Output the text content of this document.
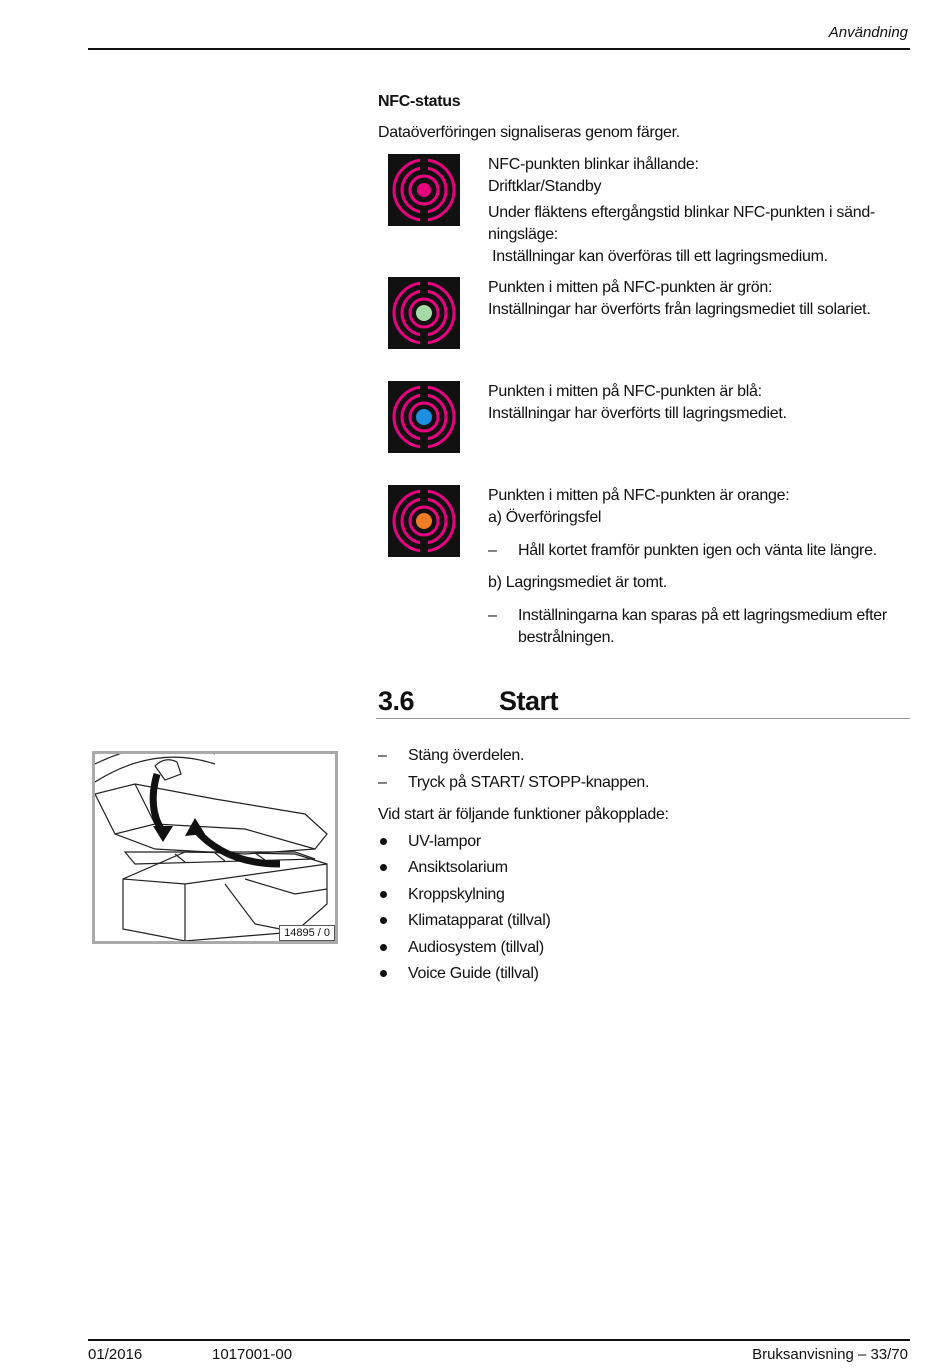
Användning
NFC-status
Dataöverföringen signaliseras genom färger.
NFC-punkten blinkar ihållande:
Driftklar/Standby
Under fläktens eftergångstid blinkar NFC-punkten i sänd-
ningsläge:
Inställningar kan överföras till ett lagringsmedium.
Punkten i mitten på NFC-punkten är grön:
Inställningar har överförts från lagringsmediet till solariet.
Punkten i mitten på NFC-punkten är blå:
Inställningar har överförts till lagringsmediet.
Punkten i mitten på NFC-punkten är orange:
a) Överföringsfel
– Håll kortet framför punkten igen och vänta lite längre.
b) Lagringsmediet är tomt.
– Inställningarna kan sparas på ett lagringsmedium efter
bestrålningen.
3.6	Start
– Stäng överdelen.
– Tryck på START/ STOPP-knappen.
Vid start är följande funktioner påkopplade:
UV-lampor
Ansiktsolarium
Kroppskylning
Klimatapparat (tillval)
Audiosystem (tillval)
Voice Guide (tillval)
14895 / 0
01/2016	1017001-00	Bruksanvisning – 33/70
